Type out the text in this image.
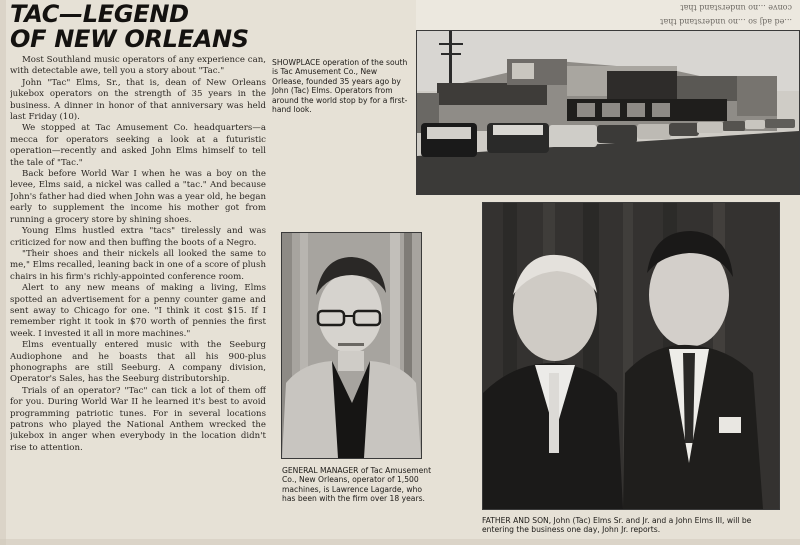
conve ...no understand that
...ed adj so ...no understand that
TAC—LEGEND
OF NEW ORLEANS

Most Southland music operators of any experience can, with detectable awe, tell you a story about "Tac."

John "Tac" Elms, Sr., that is, dean of New Orleans jukebox operators on the strength of 35 years in the business. A dinner in honor of that anniversary was held last Friday (10).

We stopped at Tac Amusement Co. headquarters—a mecca for operators seeking a look at a futuristic operation—recently and asked John Elms himself to tell the tale of "Tac."

Back before World War I when he was a boy on the levee, Elms said, a nickel was called a "tac." And because John's father had died when John was a year old, he began early to supplement the income his mother got from running a grocery store by shining shoes.

Young Elms hustled extra "tacs" tirelessly and was criticized for now and then buffing the boots of a Negro.

"Their shoes and their nickels all looked the same to me," Elms recalled, leaning back in one of a score of plush chairs in his firm's richly-appointed conference room.

Alert to any new means of making a living, Elms spotted an advertisement for a penny counter game and sent away to Chicago for one. "I think it cost $15. If I remember right it took in $70 worth of pennies the first week. I invested it all in more machines."

Elms eventually entered music with the Seeburg Audiophone and he boasts that all his 900-plus phonographs are still Seeburg. A company division, Operator's Sales, has the Seeburg distributorship.

Trials of an operator? "Tac" can tick a lot of them off for you. During World War II he learned it's best to avoid programming patriotic tunes. For in several locations patrons who played the National Anthem wrecked the jukebox in anger when everybody in the location didn't rise to attention.

SHOWPLACE operation of the south is Tac Amusement Co., New Orlease, founded 35 years ago by John (Tac) Elms. Operators from around the world stop by for a first-hand look.
GENERAL MANAGER of Tac Amusement Co., New Orleans, operator of 1,500 machines, is Lawrence Lagarde, who has been with the firm over 18 years.
FATHER AND SON, John (Tac) Elms Sr. and Jr. and a John Elms III, will be entering the business one day, John Jr. reports.
